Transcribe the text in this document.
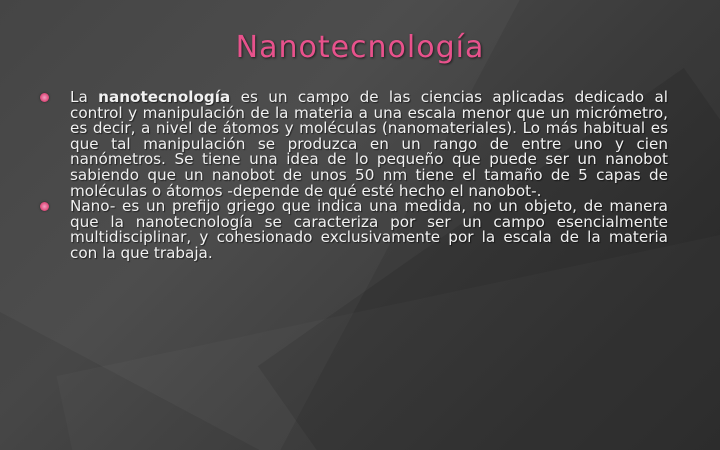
Nanotecnología
La nanotecnología es un campo de las ciencias aplicadas dedicado al control y manipulación de la materia a una escala menor que un micrómetro, es decir, a nivel de átomos y moléculas (nanomateriales). Lo más habitual es que tal manipulación se produzca en un rango de entre uno y cien nanómetros. Se tiene una idea de lo pequeño que puede ser un nanobot sabiendo que un nanobot de unos 50 nm tiene el tamaño de 5 capas de moléculas o átomos -depende de qué esté hecho el nanobot-.
Nano- es un prefijo griego que indica una medida, no un objeto, de manera que la nanotecnología se caracteriza por ser un campo esencialmente multidisciplinar, y cohesionado exclusivamente por la escala de la materia con la que trabaja.
